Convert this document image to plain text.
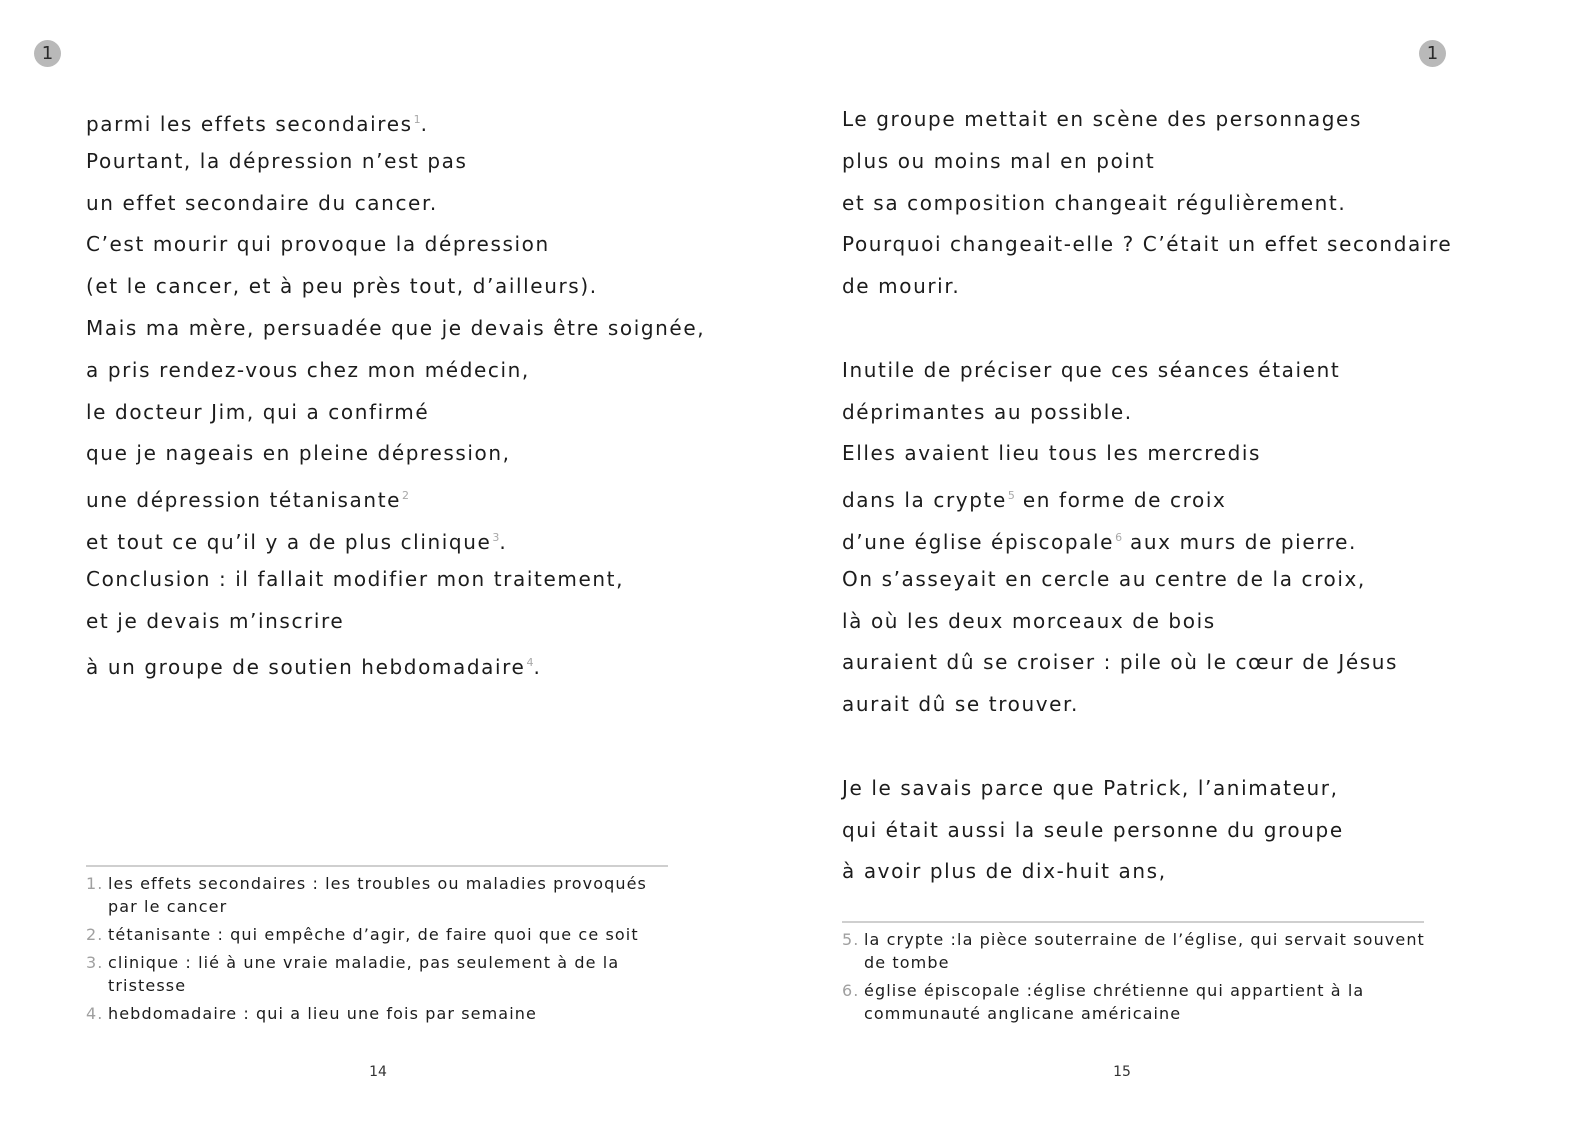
1
parmi les effets secondaires$^1$.
Pourtant, la dépression n’est pas
un effet secondaire du cancer.
C’est mourir qui provoque la dépression
(et le cancer, et à peu près tout, d’ailleurs).
Mais ma mère, persuadée que je devais être soignée,
a pris rendez-vous chez mon médecin,
le docteur Jim, qui a confirmé
que je nageais en pleine dépression,
une dépression tétanisante$^2$
et tout ce qu’il y a de plus clinique$^3$.
Conclusion : il fallait modifier mon traitement,
et je devais m’inscrire
à un groupe de soutien hebdomadaire$^4$.
1. les effets secondaires : les troubles ou maladies provoqués par le cancer
2. tétanisante : qui empêche d’agir, de faire quoi que ce soit
3. clinique : lié à une vraie maladie, pas seulement à de la tristesse
4. hebdomadaire : qui a lieu une fois par semaine
14
1
Le groupe mettait en scène des personnages
plus ou moins mal en point
et sa composition changeait régulièrement.
Pourquoi changeait-elle ? C’était un effet secondaire
de mourir.
Inutile de préciser que ces séances étaient
déprimantes au possible.
Elles avaient lieu tous les mercredis
dans la crypte$^5$ en forme de croix
d’une église épiscopale$^6$ aux murs de pierre.
On s’asseyait en cercle au centre de la croix,
là où les deux morceaux de bois
auraient dû se croiser : pile où le cœur de Jésus
aurait dû se trouver.
Je le savais parce que Patrick, l’animateur,
qui était aussi la seule personne du groupe
à avoir plus de dix-huit ans,
5. la crypte :la pièce souterraine de l’église, qui servait souvent de tombe
6. église épiscopale :église chrétienne qui appartient à la communauté anglicane américaine
15
